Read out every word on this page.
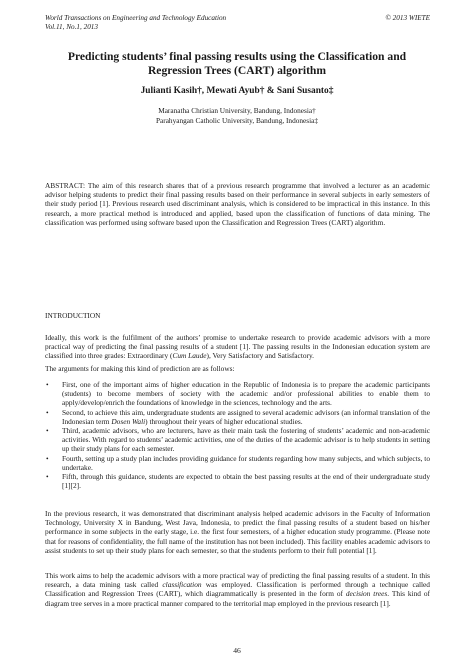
World Transactions on Engineering and Technology Education
Vol.11, No.1, 2013
© 2013 WIETE
Predicting students’ final passing results using the Classification and Regression Trees (CART) algorithm
Julianti Kasih†, Mewati Ayub† & Sani Susanto‡
Maranatha Christian University, Bandung, Indonesia†
Parahyangan Catholic University, Bandung, Indonesia‡
ABSTRACT: The aim of this research shares that of a previous research programme that involved a lecturer as an academic advisor helping students to predict their final passing results based on their performance in several subjects in early semesters of their study period [1]. Previous research used discriminant analysis, which is considered to be impractical in this instance. In this research, a more practical method is introduced and applied, based upon the classification of functions of data mining. The classification was performed using software based upon the Classification and Regression Trees (CART) algorithm.
INTRODUCTION
Ideally, this work is the fulfilment of the authors’ promise to undertake research to provide academic advisors with a more practical way of predicting the final passing results of a student [1]. The passing results in the Indonesian education system are classified into three grades: Extraordinary (Cum Laude), Very Satisfactory and Satisfactory.
The arguments for making this kind of prediction are as follows:
• First, one of the important aims of higher education in the Republic of Indonesia is to prepare the academic participants (students) to become members of society with the academic and/or professional abilities to enable them to apply/develop/enrich the foundations of knowledge in the sciences, technology and the arts.
• Second, to achieve this aim, undergraduate students are assigned to several academic advisors (an informal translation of the Indonesian term Dosen Wali) throughout their years of higher educational studies.
• Third, academic advisors, who are lecturers, have as their main task the fostering of students’ academic and non-academic activities. With regard to students’ academic activities, one of the duties of the academic advisor is to help students in setting up their study plans for each semester.
• Fourth, setting up a study plan includes providing guidance for students regarding how many subjects, and which subjects, to undertake.
• Fifth, through this guidance, students are expected to obtain the best passing results at the end of their undergraduate study [1][2].
In the previous research, it was demonstrated that discriminant analysis helped academic advisors in the Faculty of Information Technology, University X in Bandung, West Java, Indonesia, to predict the final passing results of a student based on his/her performance in some subjects in the early stage, i.e. the first four semesters, of a higher education study programme. (Please note that for reasons of confidentiality, the full name of the institution has not been included). This facility enables academic advisors to assist students to set up their study plans for each semester, so that the students perform to their full potential [1].
This work aims to help the academic advisors with a more practical way of predicting the final passing results of a student. In this research, a data mining task called classification was employed. Classification is performed through a technique called Classification and Regression Trees (CART), which diagrammatically is presented in the form of decision trees. This kind of diagram tree serves in a more practical manner compared to the territorial map employed in the previous research [1].
46
